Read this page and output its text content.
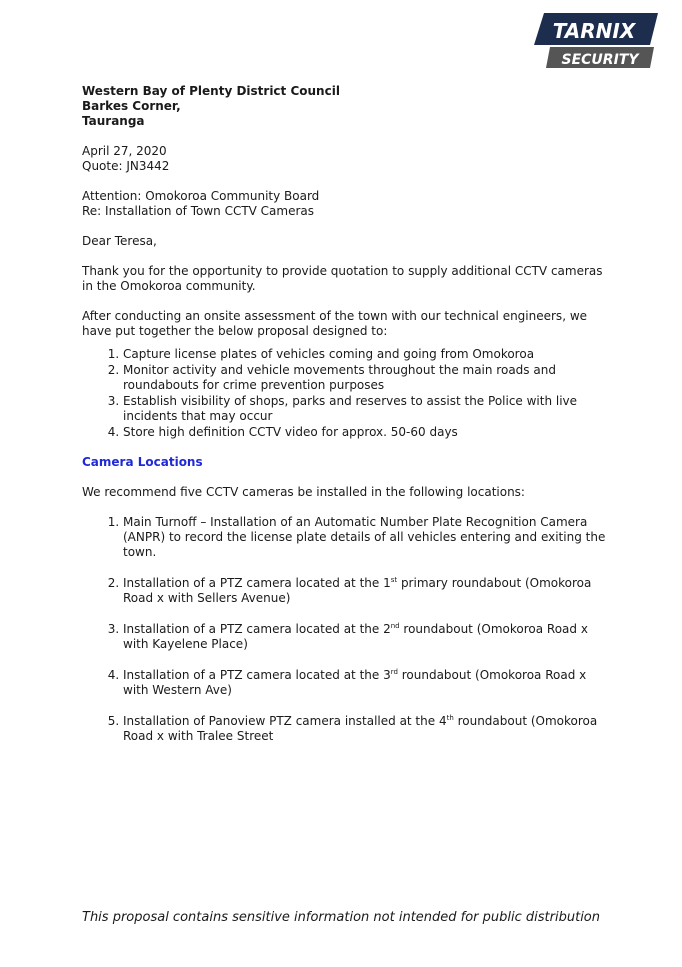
TARNIX
SECURITY
Western Bay of Plenty District Council
Barkes Corner,
Tauranga
April 27, 2020
Quote: JN3442
Attention: Omokoroa Community Board
Re: Installation of Town CCTV Cameras
Dear Teresa,
Thank you for the opportunity to provide quotation to supply additional CCTV cameras in the Omokoroa community.
After conducting an onsite assessment of the town with our technical engineers, we have put together the below proposal designed to:
1. Capture license plates of vehicles coming and going from Omokoroa
2. Monitor activity and vehicle movements throughout the main roads and roundabouts for crime prevention purposes
3. Establish visibility of shops, parks and reserves to assist the Police with live incidents that may occur
4. Store high definition CCTV video for approx. 50-60 days
Camera Locations
We recommend five CCTV cameras be installed in the following locations:
1. Main Turnoff – Installation of an Automatic Number Plate Recognition Camera (ANPR) to record the license plate details of all vehicles entering and exiting the town.
2. Installation of a PTZ camera located at the 1st primary roundabout (Omokoroa Road x with Sellers Avenue)
3. Installation of a PTZ camera located at the 2nd roundabout (Omokoroa Road x with Kayelene Place)
4. Installation of a PTZ camera located at the 3rd roundabout (Omokoroa Road x with Western Ave)
5. Installation of Panoview PTZ camera installed at the 4th roundabout (Omokoroa Road x with Tralee Street
This proposal contains sensitive information not intended for public distribution
